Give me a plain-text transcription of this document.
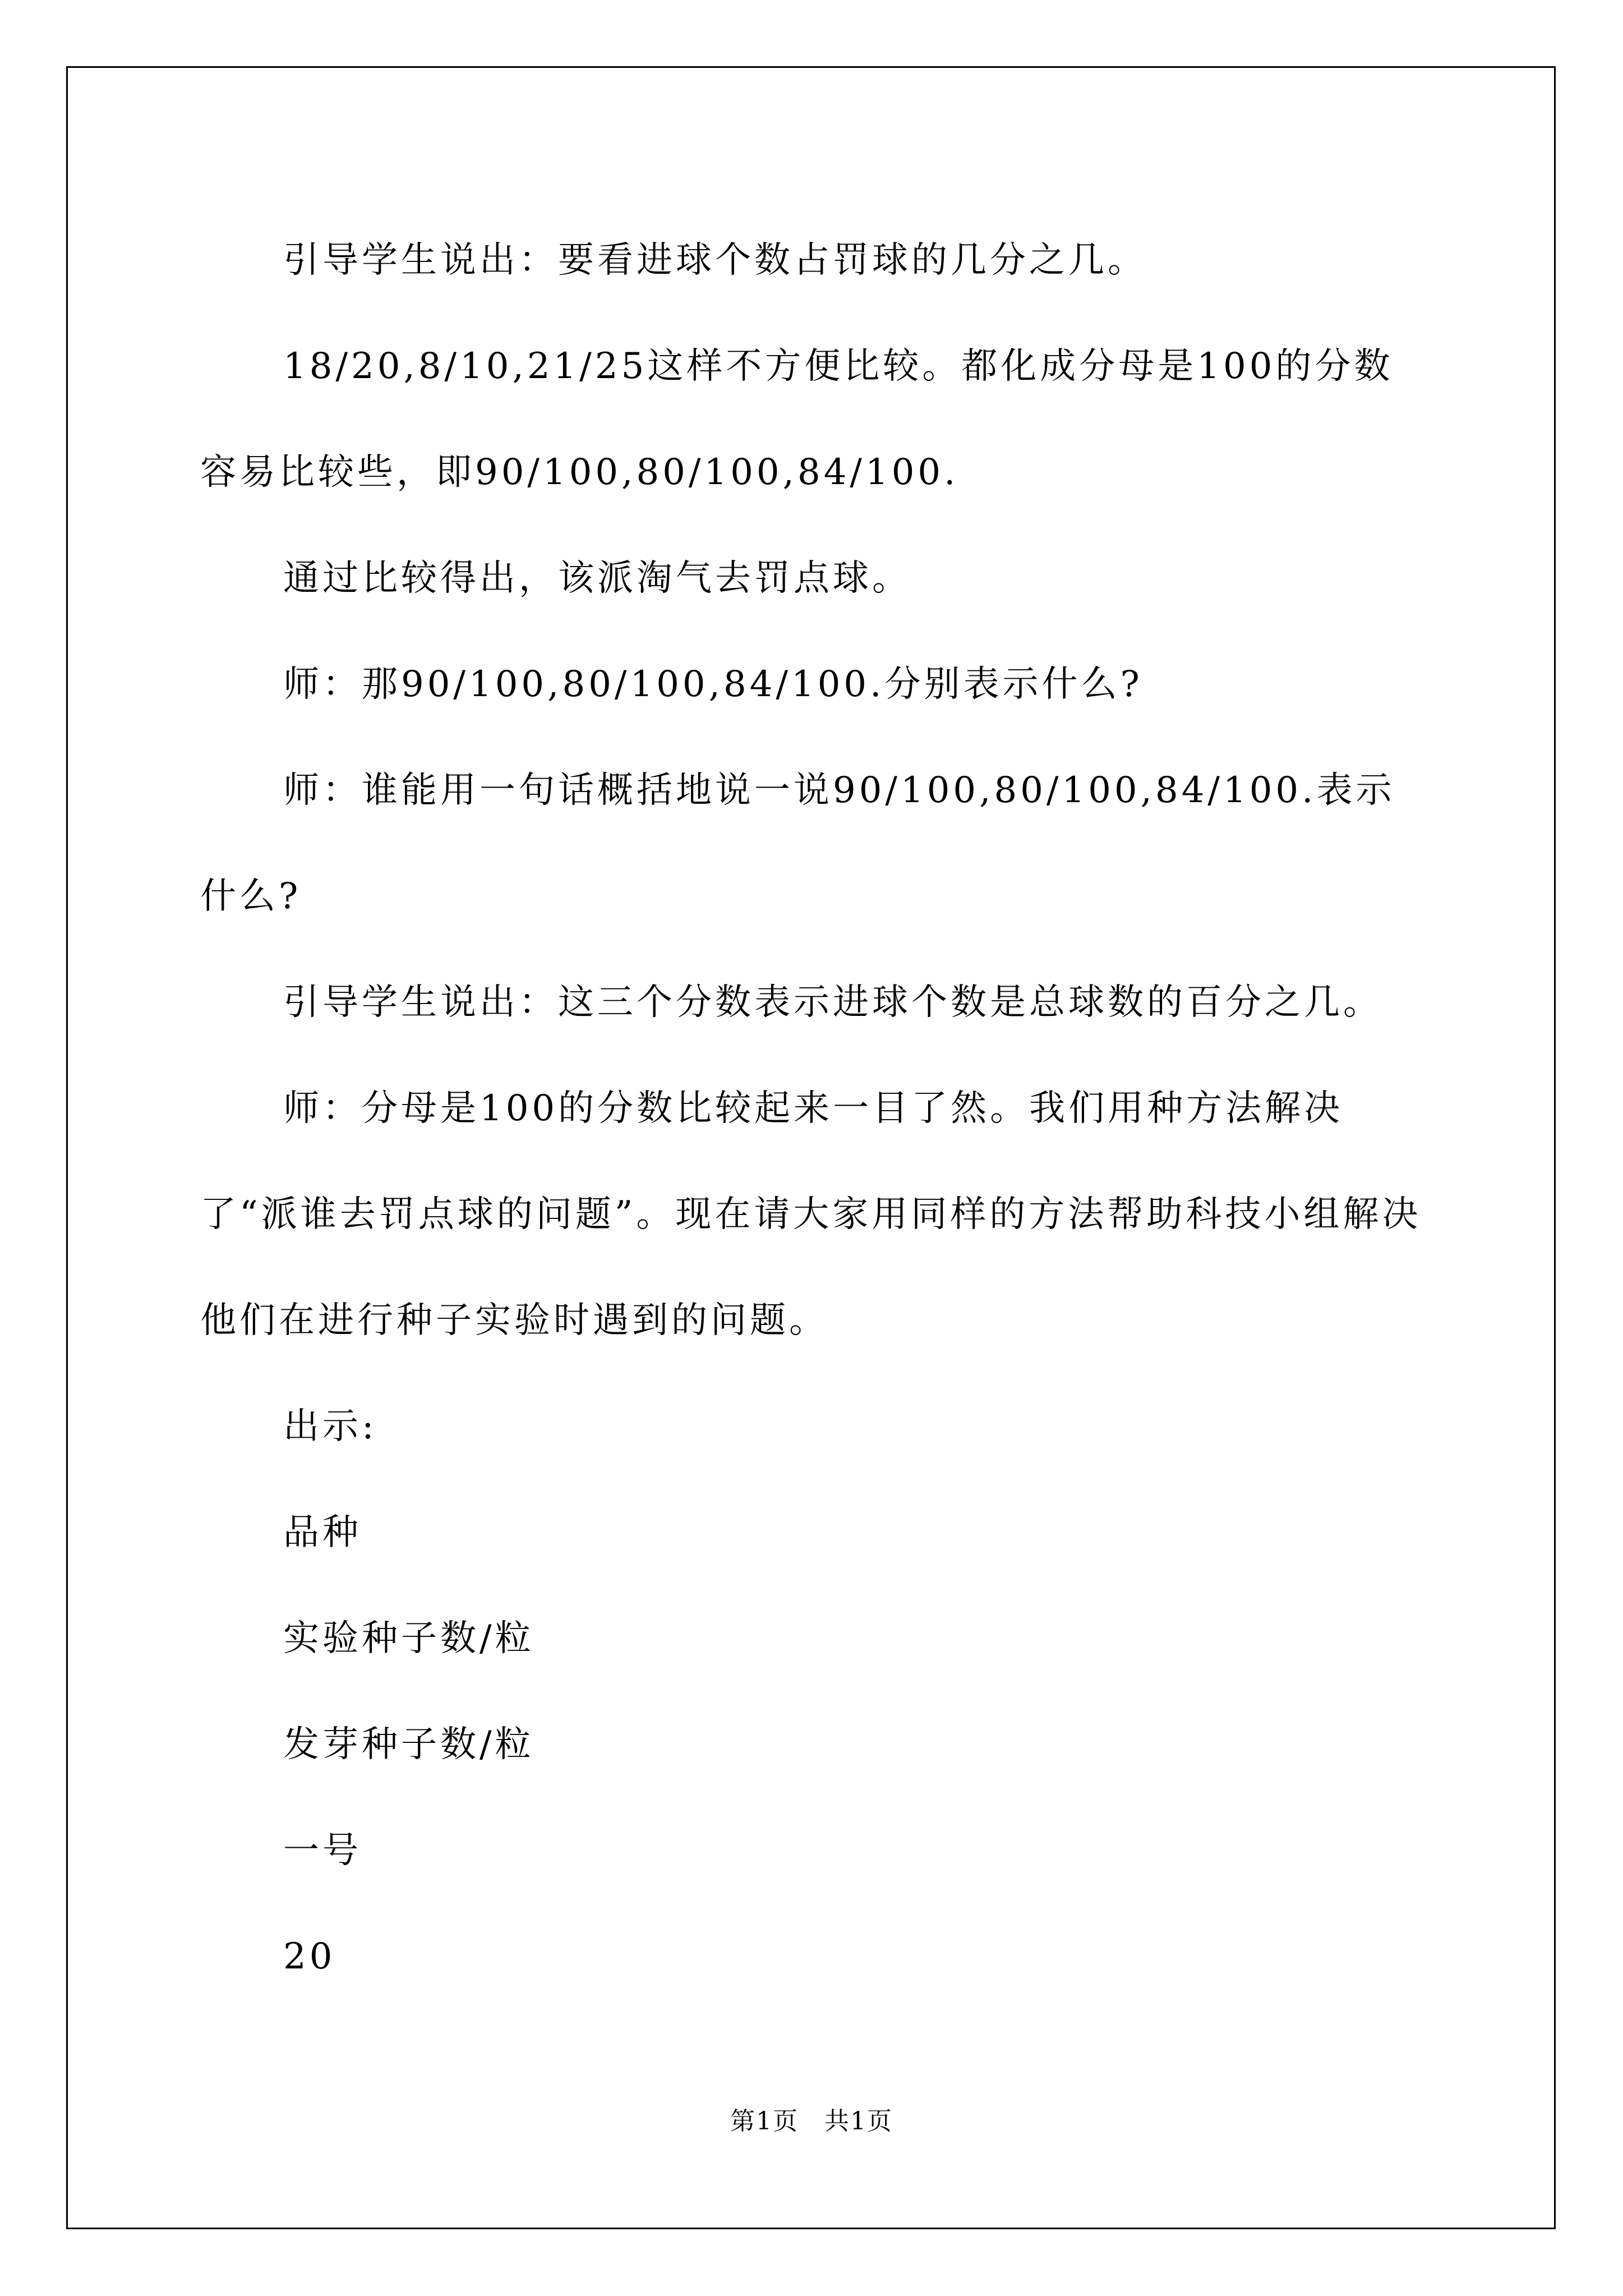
引导学生说出：要看进球个数占罚球的几分之几。

18/20,8/10,21/25这样不方便比较。都化成分母是100的分数容易比较些，即90/100,80/100,84/100.

通过比较得出，该派淘气去罚点球。

师：那90/100,80/100,84/100.分别表示什么?

师：谁能用一句话概括地说一说90/100,80/100,84/100.表示什么?

引导学生说出：这三个分数表示进球个数是总球数的百分之几。

师：分母是100的分数比较起来一目了然。我们用种方法解决了“派谁去罚点球的问题”。现在请大家用同样的方法帮助科技小组解决他们在进行种子实验时遇到的问题。

出示:

品种

实验种子数/粒

发芽种子数/粒

一号

20

第1页　共1页
